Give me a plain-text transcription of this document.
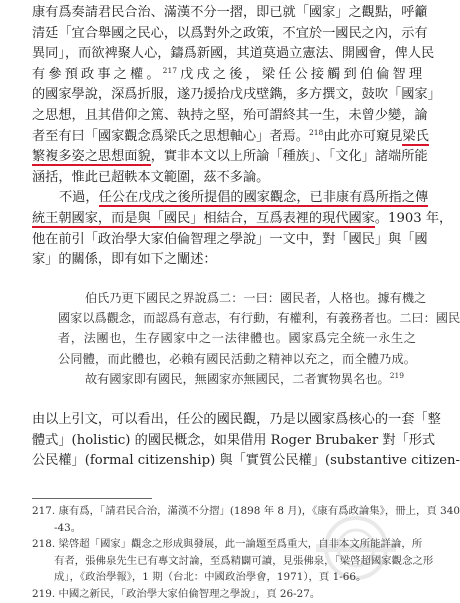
康有爲奏請君民合治、滿漢不分一摺，即已就「國家」之觀點，呼籲
清廷「宜合舉國之民心，以爲對外之政策，不宜於一國民之內，示有
異同」，而欲裨聚人心，鑄爲新國，其道莫過立憲法、開國會，俾人民
有參預政事之權。$^{217}$戊戌之後，梁任公接觸到伯倫智理
的國家學說，深爲折服，遂乃援拾戊戌壁鐫，多方撰文，鼓吹「國家」
之思想，且其借仰之篤、執持之堅，殆可謂終其一生，未曾少變，論
者至有曰「國家觀念爲梁氏之思想軸心」者焉。$^{218}$由此亦可窺見梁氏
繁複多姿之思想面貌，實非本文以上所論「種族」、「文化」諸端所能
涵括，惟此已超軼本文範圍，茲不多論。
不過，任公在戊戌之後所提倡的國家觀念，已非康有爲所指之傳
統王朝國家，而是與「國民」相結合，互爲表裡的現代國家。1903 年，
他在前引「政治學大家伯倫智理之學說」一文中，對「國民」與「國
家」的關係，即有如下之闡述：
伯氏乃更下國民之界說爲二：一曰：國民者，人格也。據有機之
國家以爲觀念，而認爲有意志，有行動，有權利，有義務者也。二曰：國民
者，法團也，生存國家中之一法律體也。國家爲完全統一永生之
公同體，而此體也，必賴有國民活動之精神以充之，而全體乃成。
故有國家即有國民，無國家亦無國民，二者實物異名也。$^{219}$
由以上引文，可以看出，任公的國民觀，乃是以國家爲核心的一套「整
體式」(holistic) 的國民概念，如果借用 Roger Brubaker 對「形式
公民權」(formal citizenship) 與「實質公民權」(substantive citizen-
217. 康有爲，「請君民合治，滿漢不分摺」(1898 年 8 月)，《康有爲政論集》，冊上，頁 340
-43。
218. 梁啓超「國家」觀念之形成與發展，此一論題至爲重大，自非本文所能詳論，所
有者，張佛泉先生已有專文討論，至爲精闢可讀，見張佛泉，「梁啓超國家觀念之形
成」，《政治學報》，1 期（台北：中國政治學會，1971），頁 1-66。
219. 中國之新民，「政治學大家伯倫智理之學說」，頁 26-27。
